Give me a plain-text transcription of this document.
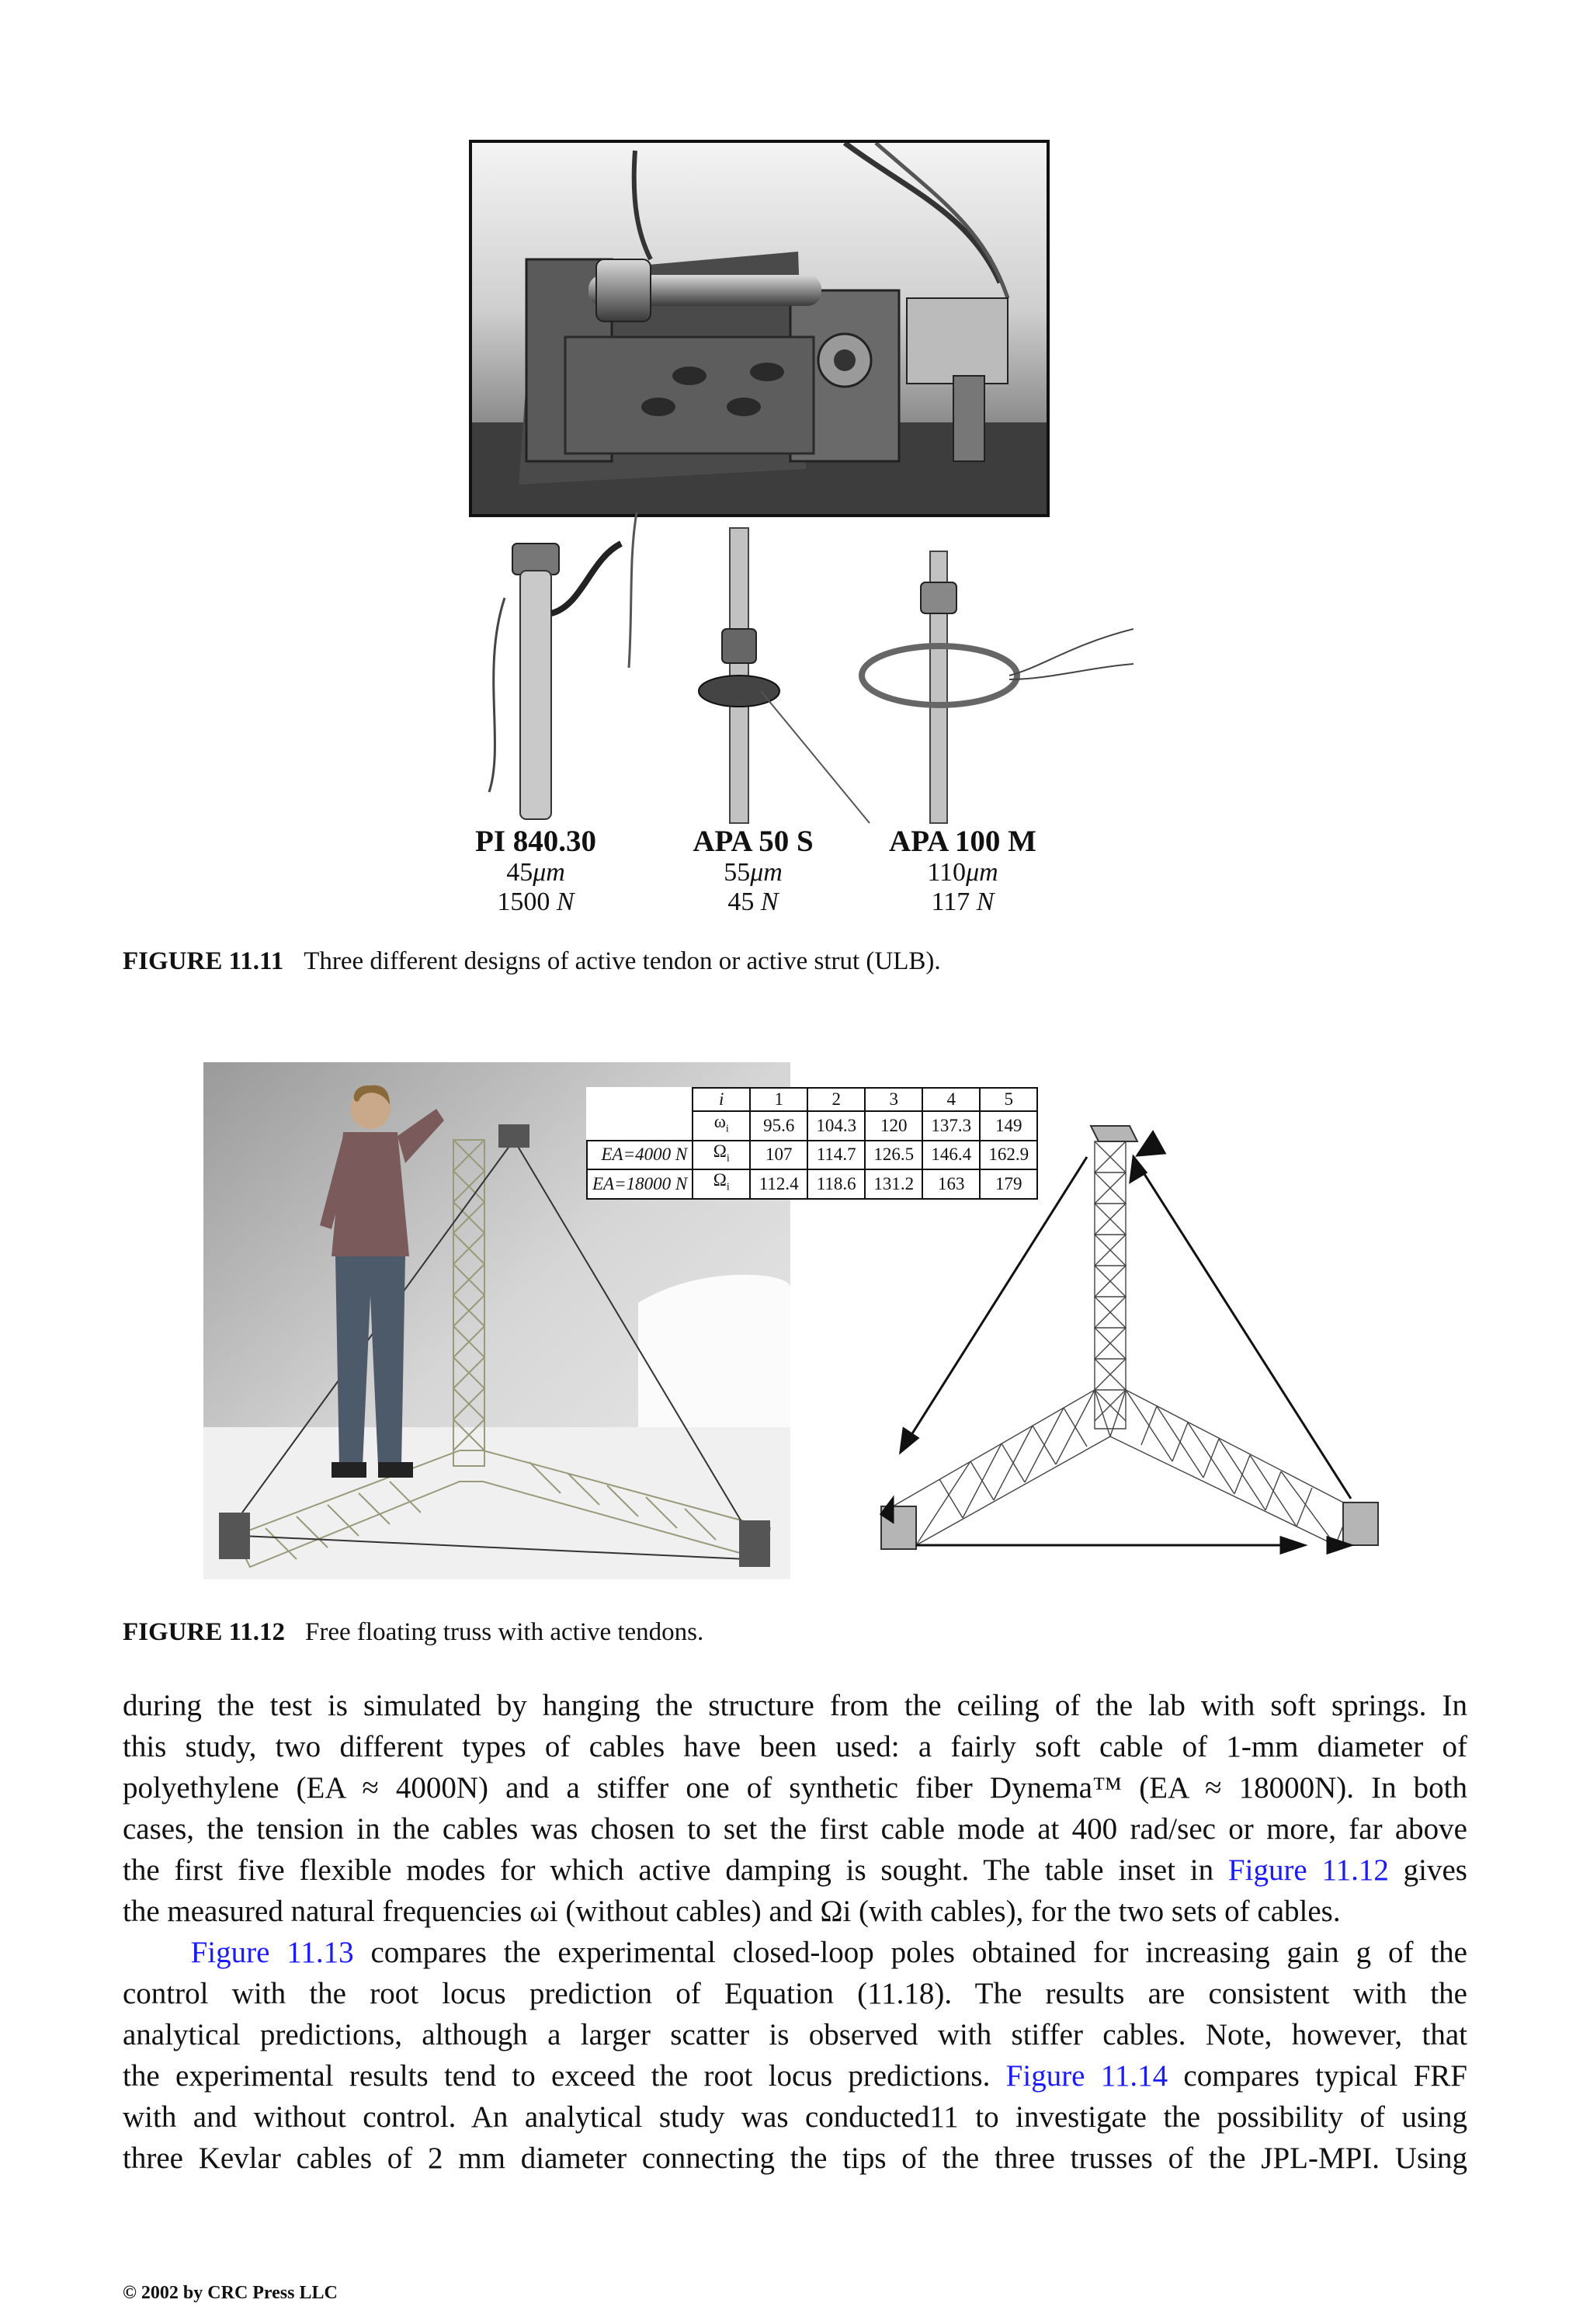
PI 840.30
45μm
1500 N
APA 50 S
55μm
45 N
APA 100 M
110μm
117 N
FIGURE 11.11 Three different designs of active tendon or active strut (ULB).
	i	1	2	3	4	5
	$\omega_i$	95.6	104.3	120	137.3	149
EA=4000 N	$\Omega_i$	107	114.7	126.5	146.4	162.9
EA=18000 N	$\Omega_i$	112.4	118.6	131.2	163	179
FIGURE 11.12 Free floating truss with active tendons.
during the test is simulated by hanging the structure from the ceiling of the lab with soft springs. In
this study, two different types of cables have been used: a fairly soft cable of 1-mm diameter of
polyethylene (EA ≈ 4000N) and a stiffer one of synthetic fiber Dynema™ (EA ≈ 18000N). In both
cases, the tension in the cables was chosen to set the first cable mode at 400 rad/sec or more, far above
the first five flexible modes for which active damping is sought. The table inset in Figure 11.12 gives
the measured natural frequencies ωi (without cables) and Ωi (with cables), for the two sets of cables.
Figure 11.13 compares the experimental closed-loop poles obtained for increasing gain g of the
control with the root locus prediction of Equation (11.18). The results are consistent with the
analytical predictions, although a larger scatter is observed with stiffer cables. Note, however, that
the experimental results tend to exceed the root locus predictions. Figure 11.14 compares typical FRF
with and without control. An analytical study was conducted11 to investigate the possibility of using
three Kevlar cables of 2 mm diameter connecting the tips of the three trusses of the JPL-MPI. Using
© 2002 by CRC Press LLC
